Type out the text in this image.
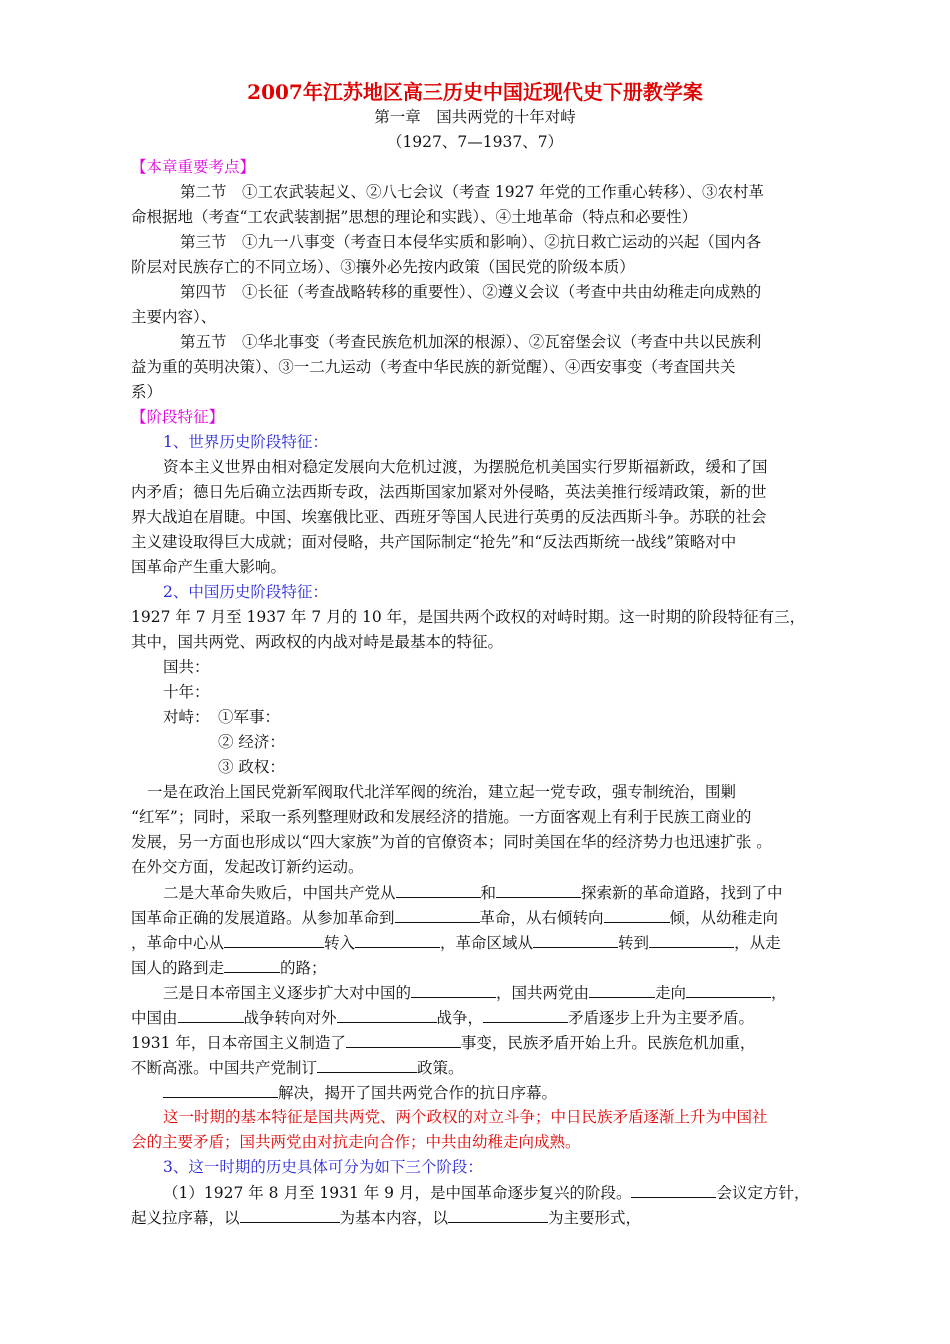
2007年江苏地区高三历史中国近现代史下册教学案
第一章　国共两党的十年对峙
（1927、7—1937、7）
【本章重要考点】
第二节　①工农武装起义、②八七会议（考查 1927 年党的工作重心转移）、③农村革
命根据地（考查“工农武装割据”思想的理论和实践）、④土地革命（特点和必要性）
第三节　①九一八事变（考查日本侵华实质和影响）、②抗日救亡运动的兴起（国内各
阶层对民族存亡的不同立场）、③攘外必先按内政策（国民党的阶级本质）
第四节　①长征（考查战略转移的重要性）、②遵义会议（考查中共由幼稚走向成熟的
主要内容）、
第五节　①华北事变（考查民族危机加深的根源）、②瓦窑堡会议（考查中共以民族利
益为重的英明决策）、③一二九运动（考查中华民族的新觉醒）、④西安事变（考查国共关
系）
【阶段特征】
1、世界历史阶段特征：
资本主义世界由相对稳定发展向大危机过渡，为摆脱危机美国实行罗斯福新政，缓和了国
内矛盾；德日先后确立法西斯专政，法西斯国家加紧对外侵略，英法美推行绥靖政策，新的世
界大战迫在眉睫。中国、埃塞俄比亚、西班牙等国人民进行英勇的反法西斯斗争。苏联的社会
主义建设取得巨大成就；面对侵略，共产国际制定“抢先”和“反法西斯统一战线”策略对中
国革命产生重大影响。
2、中国历史阶段特征：
1927 年 7 月至 1937 年 7 月的 10 年，是国共两个政权的对峙时期。这一时期的阶段特征有三，
其中，国共两党、两政权的内战对峙是最基本的特征。
国共：
十年：
对峙： ①军事：
② 经济：
③ 政权：
一是在政治上国民党新军阀取代北洋军阀的统治，建立起一党专政，强专制统治，围剿
“红军”；同时，采取一系列整理财政和发展经济的措施。一方面客观上有利于民族工商业的
发展，另一方面也形成以“四大家族”为首的官僚资本；同时美国在华的经济势力也迅速扩张 。
在外交方面，发起改订新约运动。
二是大革命失败后，中国共产党从	和	探索新的革命道路，找到了中
国革命正确的发展道路。从参加革命到	革命，从右倾转向	倾，从幼稚走向
，革命中心从	转入	，革命区域从	转到	，从走
国人的路到走	的路；
三是日本帝国主义逐步扩大对中国的	，国共两党由	走向	，
中国由	战争转向对外	战争，	矛盾逐步上升为主要矛盾。
1931 年，日本帝国主义制造了	事变，民族矛盾开始上升。民族危机加重，
不断高涨。中国共产党制订	政策。
解决，揭开了国共两党合作的抗日序幕。
这一时期的基本特征是国共两党、两个政权的对立斗争；中日民族矛盾逐渐上升为中国社
会的主要矛盾；国共两党由对抗走向合作；中共由幼稚走向成熟。
3、这一时期的历史具体可分为如下三个阶段：
（1）1927 年 8 月至 1931 年 9 月，是中国革命逐步复兴的阶段。	会议定方针，
起义拉序幕，以	为基本内容，以	为主要形式，
